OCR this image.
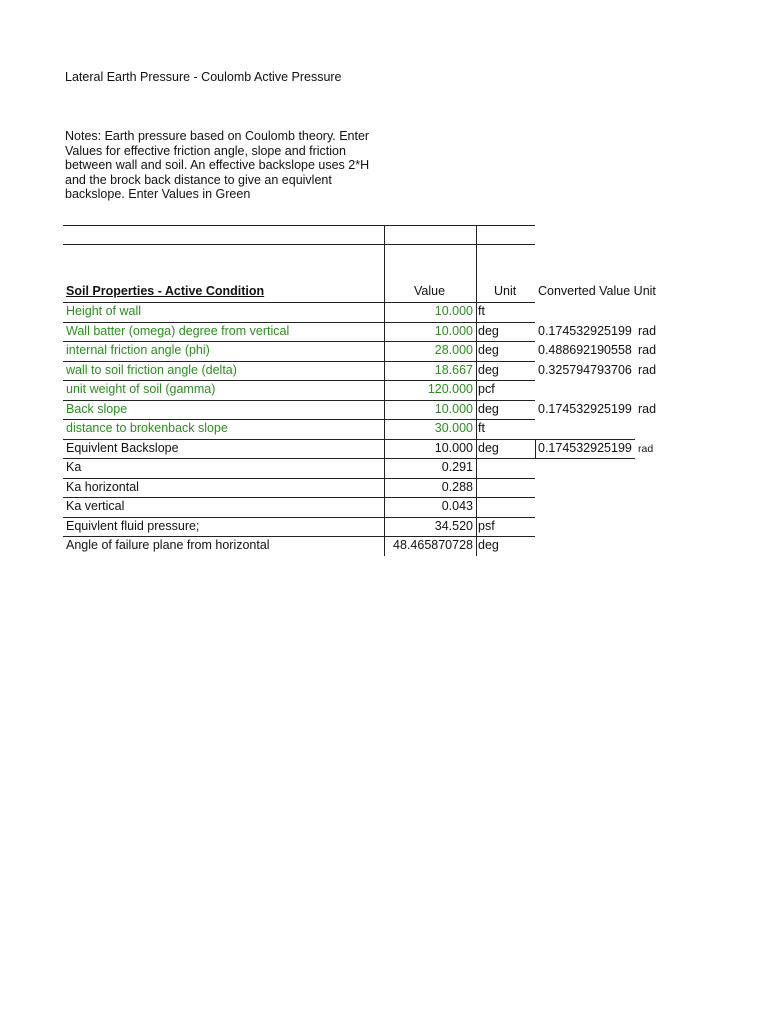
Lateral Earth Pressure - Coulomb Active Pressure
Notes: Earth pressure based on Coulomb theory. Enter Values for effective friction angle, slope and friction between wall and soil. An effective backslope uses 2*H and the brock back distance to give an equivlent backslope. Enter Values in Green
Soil Properties - Active Condition	Value	Unit Converted Value Unit
Height of wall	10.000 ft
Wall batter (omega) degree from vertical	10.000 deg	0.174532925199 rad
internal friction angle (phi)	28.000 deg	0.488692190558 rad
wall to soil friction angle (delta)	18.667 deg	0.325794793706 rad
unit weight of soil (gamma)	120.000 pcf
Back slope	10.000 deg	0.174532925199 rad
distance to brokenback slope	30.000 ft
Equivlent Backslope	10.000 deg	0.174532925199 rad
Ka	0.291
Ka horizontal	0.288
Ka vertical	0.043
Equivlent fluid pressure;	34.520 psf
Angle of failure plane from horizontal	48.465870728 deg
